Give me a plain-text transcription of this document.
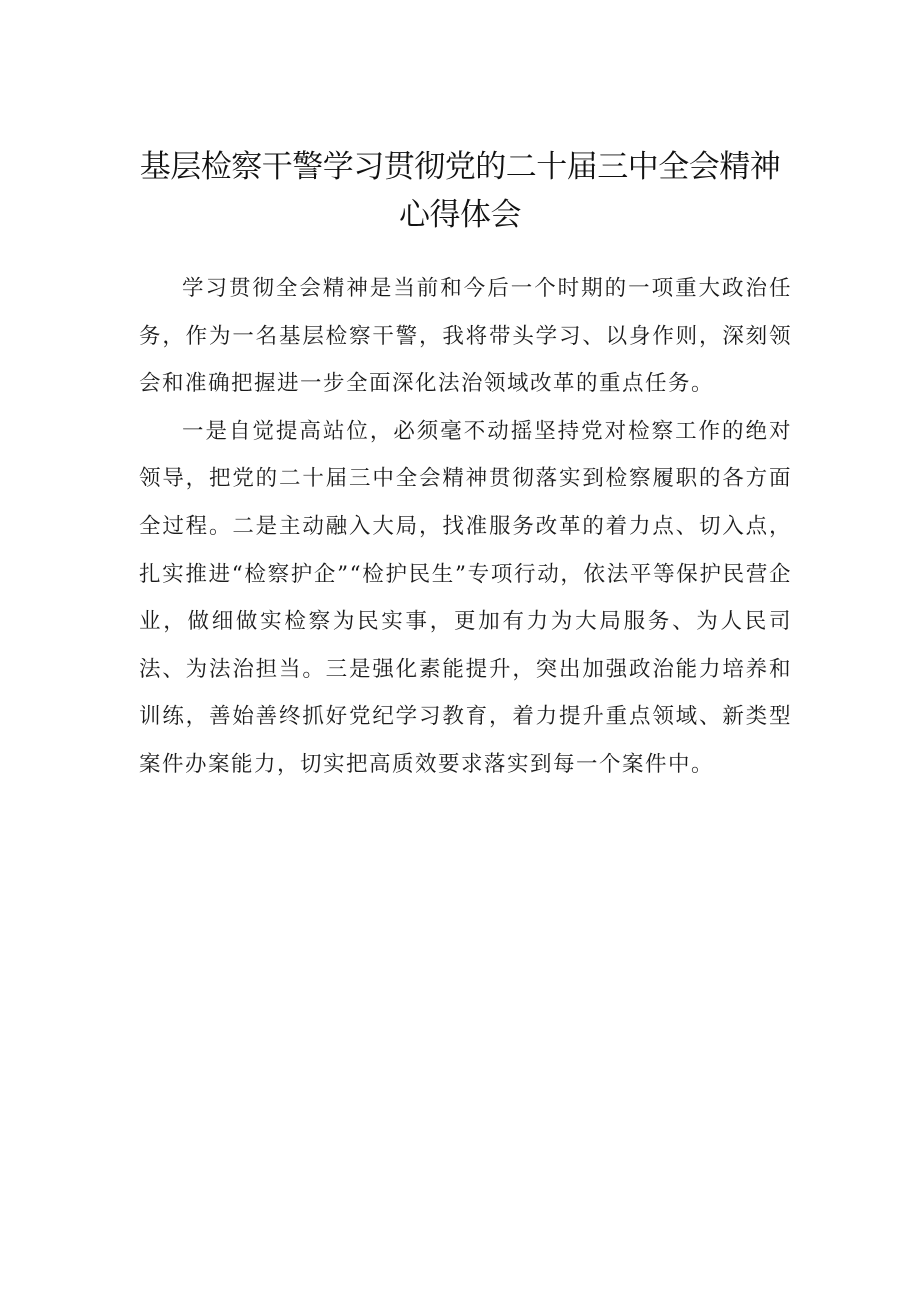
基层检察干警学习贯彻党的二十届三中全会精神心得体会

学习贯彻全会精神是当前和今后一个时期的一项重大政治任务，作为一名基层检察干警，我将带头学习、以身作则，深刻领会和准确把握进一步全面深化法治领域改革的重点任务。

一是自觉提高站位，必须毫不动摇坚持党对检察工作的绝对领导，把党的二十届三中全会精神贯彻落实到检察履职的各方面全过程。二是主动融入大局，找准服务改革的着力点、切入点，扎实推进“检察护企”“检护民生”专项行动，依法平等保护民营企业，做细做实检察为民实事，更加有力为大局服务、为人民司法、为法治担当。三是强化素能提升，突出加强政治能力培养和训练，善始善终抓好党纪学习教育，着力提升重点领域、新类型案件办案能力，切实把高质效要求落实到每一个案件中。
